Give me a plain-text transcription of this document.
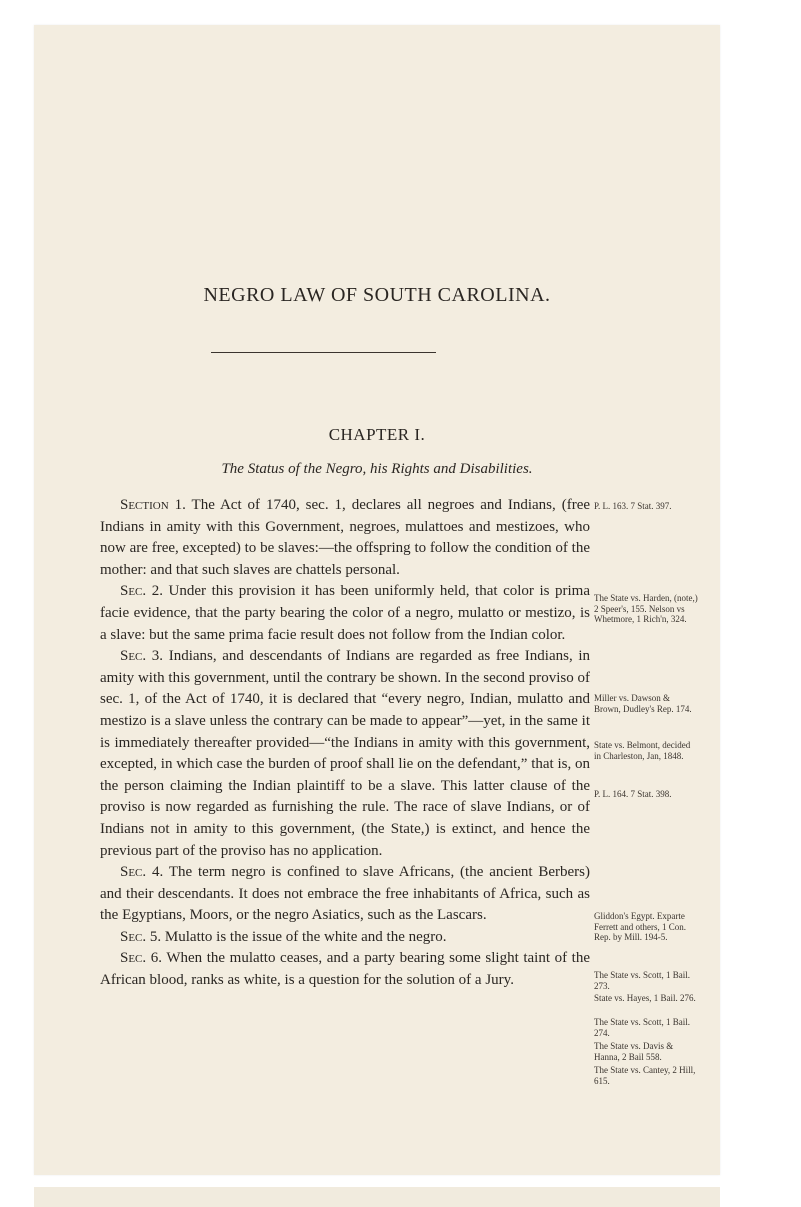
NEGRO LAW OF SOUTH CAROLINA.
CHAPTER I.
The Status of the Negro, his Rights and Disabilities.

Section 1. The Act of 1740, sec. 1, declares all negroes and Indians, (free Indians in amity with this Government, negroes, mulattoes and mestizoes, who now are free, excepted) to be slaves:—the offspring to follow the condition of the mother: and that such slaves are chattels personal.

Sec. 2. Under this provision it has been uniformly held, that color is prima facie evidence, that the party bearing the color of a negro, mulatto or mestizo, is a slave: but the same prima facie result does not follow from the Indian color.

Sec. 3. Indians, and descendants of Indians are regarded as free Indians, in amity with this government, until the contrary be shown. In the second proviso of sec. 1, of the Act of 1740, it is declared that “every negro, Indian, mulatto and mestizo is a slave unless the contrary can be made to appear”—yet, in the same it is immediately thereafter provided—“the Indians in amity with this government, excepted, in which case the burden of proof shall lie on the defendant,” that is, on the person claiming the Indian plaintiff to be a slave. This latter clause of the proviso is now regarded as furnishing the rule. The race of slave Indians, or of Indians not in amity to this government, (the State,) is extinct, and hence the previous part of the proviso has no application.

Sec. 4. The term negro is confined to slave Africans, (the ancient Berbers) and their descendants. It does not embrace the free inhabitants of Africa, such as the Egyptians, Moors, or the negro Asiatics, such as the Lascars.

Sec. 5. Mulatto is the issue of the white and the negro.

Sec. 6. When the mulatto ceases, and a party bearing some slight taint of the African blood, ranks as white, is a question for the solution of a Jury.

P. L. 163. 7 Stat. 397.
The State vs. Harden, (note,) 2 Speer's, 155. Nelson vs Whetmore, 1 Rich'n, 324.
Miller vs. Dawson & Brown, Dudley's Rep. 174.
State vs. Belmont, decided in Charleston, Jan, 1848.
P. L. 164. 7 Stat. 398.
Gliddon's Egypt. Exparte Ferrett and others, 1 Con. Rep. by Mill. 194-5.
The State vs. Scott, 1 Bail. 273.
State vs. Hayes, 1 Bail. 276.
The State vs. Scott, 1 Bail. 274.
The State vs. Davis & Hanna, 2 Bail 558.
The State vs. Cantey, 2 Hill, 615.
